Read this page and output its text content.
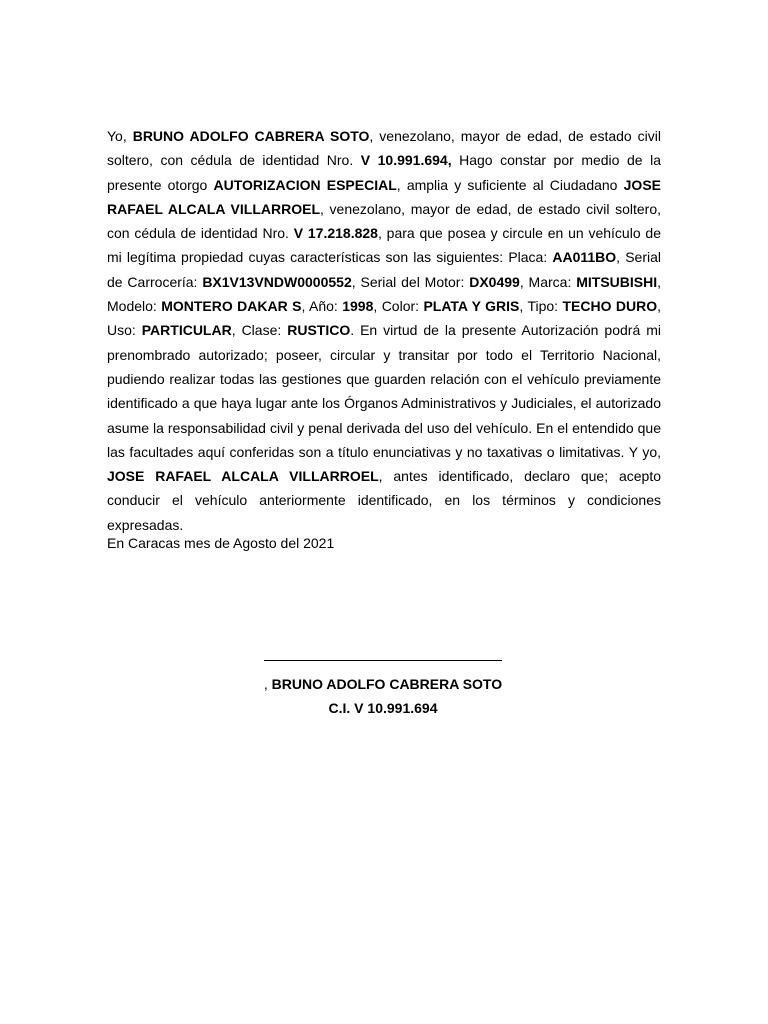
Yo, BRUNO ADOLFO CABRERA SOTO, venezolano, mayor de edad, de estado civil soltero, con cédula de identidad Nro. V 10.991.694, Hago constar por medio de la presente otorgo AUTORIZACION ESPECIAL, amplia y suficiente al Ciudadano JOSE RAFAEL ALCALA VILLARROEL, venezolano, mayor de edad, de estado civil soltero, con cédula de identidad Nro. V 17.218.828, para que posea y circule en un vehículo de mi legítima propiedad cuyas características son las siguientes: Placa: AA011BO, Serial de Carrocería: BX1V13VNDW0000552, Serial del Motor: DX0499, Marca: MITSUBISHI, Modelo: MONTERO DAKAR S, Año: 1998, Color: PLATA Y GRIS, Tipo: TECHO DURO, Uso: PARTICULAR, Clase: RUSTICO. En virtud de la presente Autorización podrá mi prenombrado autorizado; poseer, circular y transitar por todo el Territorio Nacional, pudiendo realizar todas las gestiones que guarden relación con el vehículo previamente identificado a que haya lugar ante los Órganos Administrativos y Judiciales, el autorizado asume la responsabilidad civil y penal derivada del uso del vehículo. En el entendido que las facultades aquí conferidas son a título enunciativas y no taxativas o limitativas. Y yo, JOSE RAFAEL ALCALA VILLARROEL, antes identificado, declaro que; acepto conducir el vehículo anteriormente identificado, en los términos y condiciones expresadas.

En Caracas mes de Agosto del 2021

, BRUNO ADOLFO CABRERA SOTO
C.I. V 10.991.694
